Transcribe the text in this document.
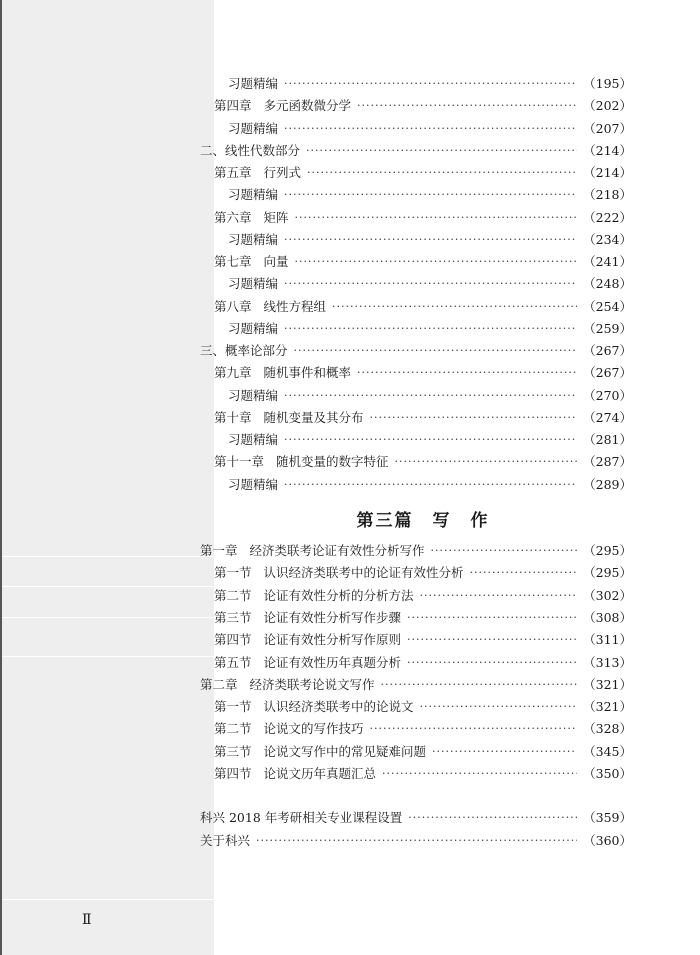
第三篇　写　作
习题精编 ·····	（195）
第四章 多元函数微分学 ·····	（202）
习题精编 ·····	（207）
二、线性代数部分 ·····	（214）
第五章 行列式 ·····	（214）
习题精编 ·····	（218）
第六章 矩阵 ·····	（222）
习题精编 ·····	（234）
第七章 向量 ·····	（241）
习题精编 ·····	（248）
第八章 线性方程组 ·····	（254）
习题精编 ·····	（259）
三、概率论部分 ·····	（267）
第九章 随机事件和概率 ·····	（267）
习题精编 ·····	（270）
第十章 随机变量及其分布 ·····	（274）
习题精编 ·····	（281）
第十一章 随机变量的数字特征 ·····	（287）
习题精编 ·····	（289）
第一章 经济类联考论证有效性分析写作 ·····	（295）
第一节 认识经济类联考中的论证有效性分析 ·····	（295）
第二节 论证有效性分析的分析方法 ·····	（302）
第三节 论证有效性分析写作步骤 ·····	（308）
第四节 论证有效性分析写作原则 ·····	（311）
第五节 论证有效性历年真题分析 ·····	（313）
第二章 经济类联考论说文写作 ·····	（321）
第一节 认识经济类联考中的论说文 ·····	（321）
第二节 论说文的写作技巧 ·····	（328）
第三节 论说文写作中的常见疑难问题 ·····	（345）
第四节 论说文历年真题汇总 ·····	（350）
科兴 2018 年考研相关专业课程设置 ·····	（359）
关于科兴 ·····	（360）
Ⅱ
